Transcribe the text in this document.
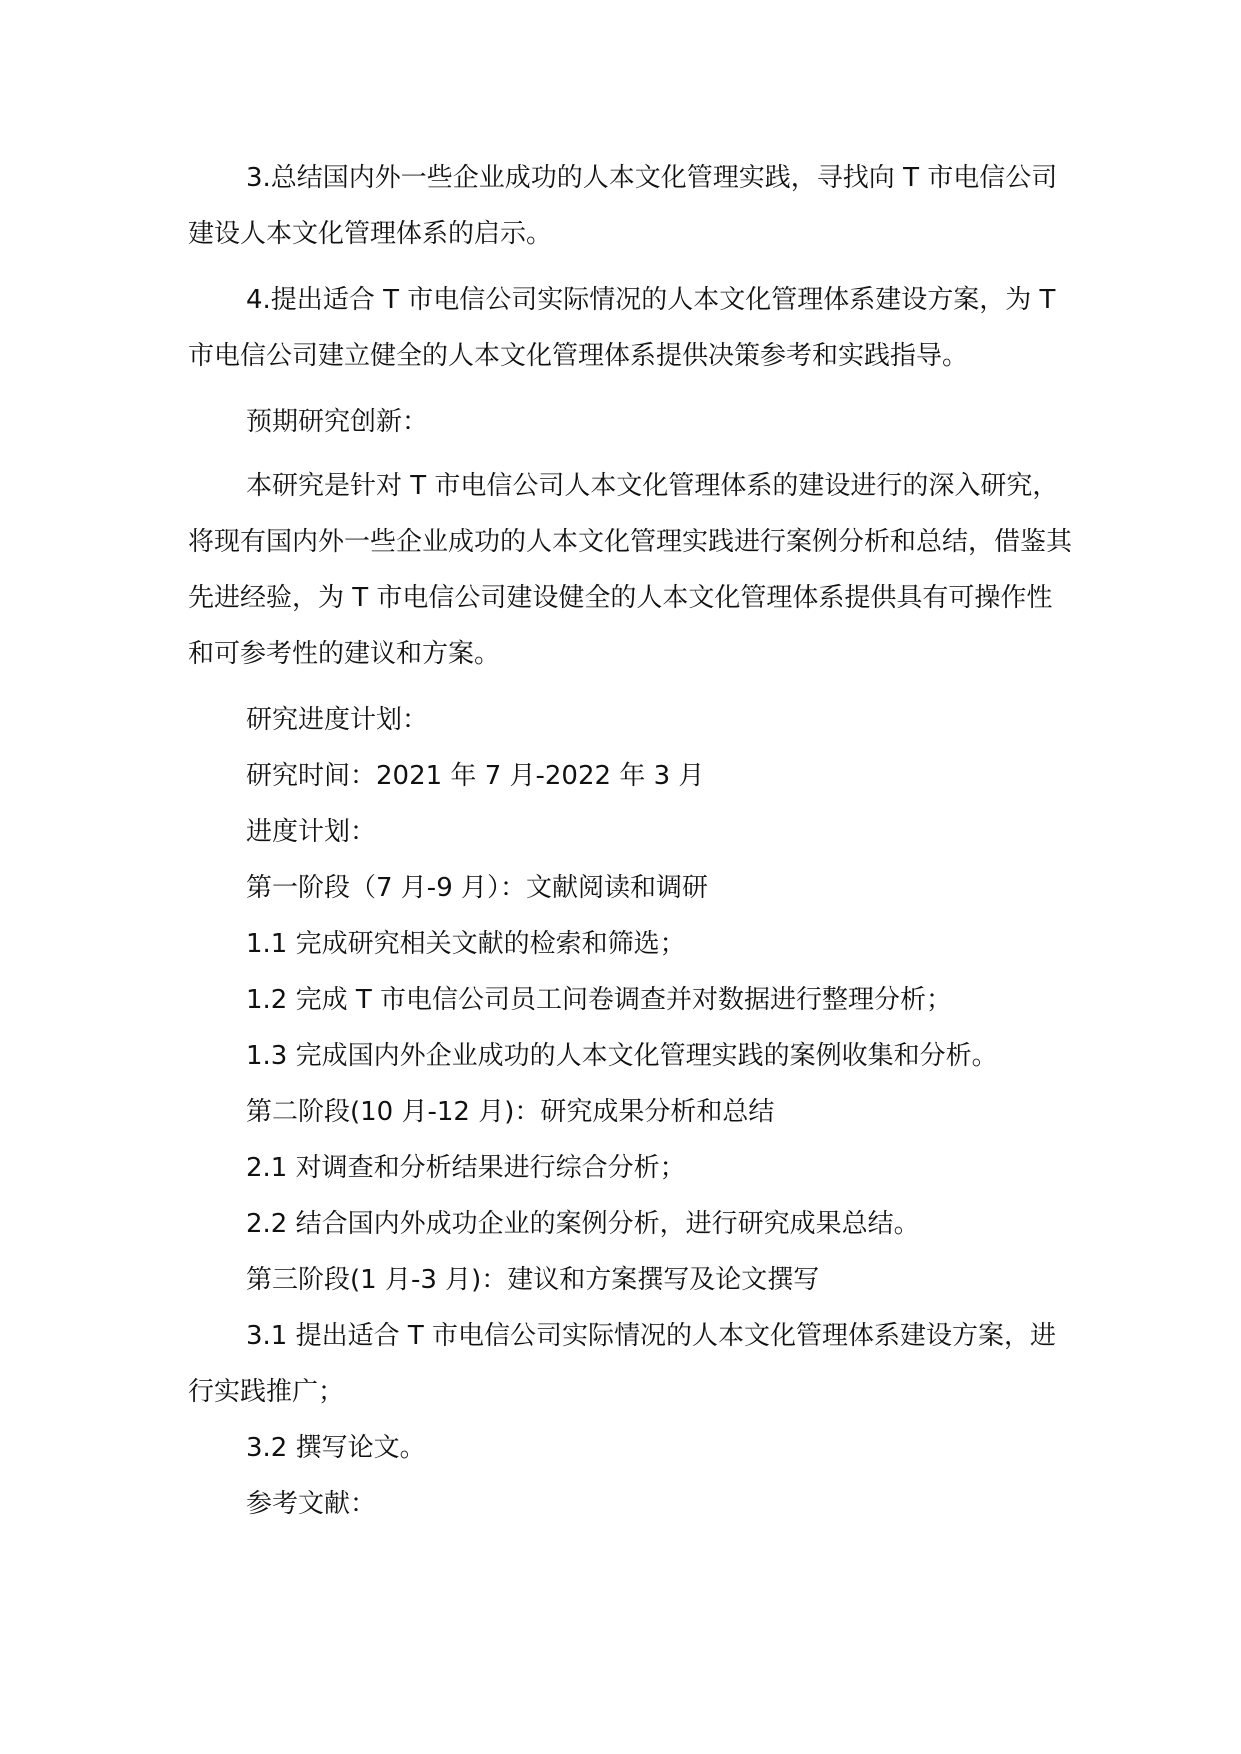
3.总结国内外一些企业成功的人本文化管理实践，寻找向 T 市电信公司建设人本文化管理体系的启示。

4.提出适合 T 市电信公司实际情况的人本文化管理体系建设方案，为 T 市电信公司建立健全的人本文化管理体系提供决策参考和实践指导。

预期研究创新：

本研究是针对 T 市电信公司人本文化管理体系的建设进行的深入研究，将现有国内外一些企业成功的人本文化管理实践进行案例分析和总结，借鉴其先进经验，为 T 市电信公司建设健全的人本文化管理体系提供具有可操作性和可参考性的建议和方案。

研究进度计划：

研究时间：2021 年 7 月-2022 年 3 月

进度计划：

第一阶段（7 月-9 月）：文献阅读和调研

1.1 完成研究相关文献的检索和筛选；

1.2 完成 T 市电信公司员工问卷调查并对数据进行整理分析；

1.3 完成国内外企业成功的人本文化管理实践的案例收集和分析。

第二阶段(10 月-12 月)：研究成果分析和总结

2.1 对调查和分析结果进行综合分析；

2.2 结合国内外成功企业的案例分析，进行研究成果总结。

第三阶段(1 月-3 月)：建议和方案撰写及论文撰写

3.1 提出适合 T 市电信公司实际情况的人本文化管理体系建设方案，进行实践推广；

3.2 撰写论文。

参考文献：
